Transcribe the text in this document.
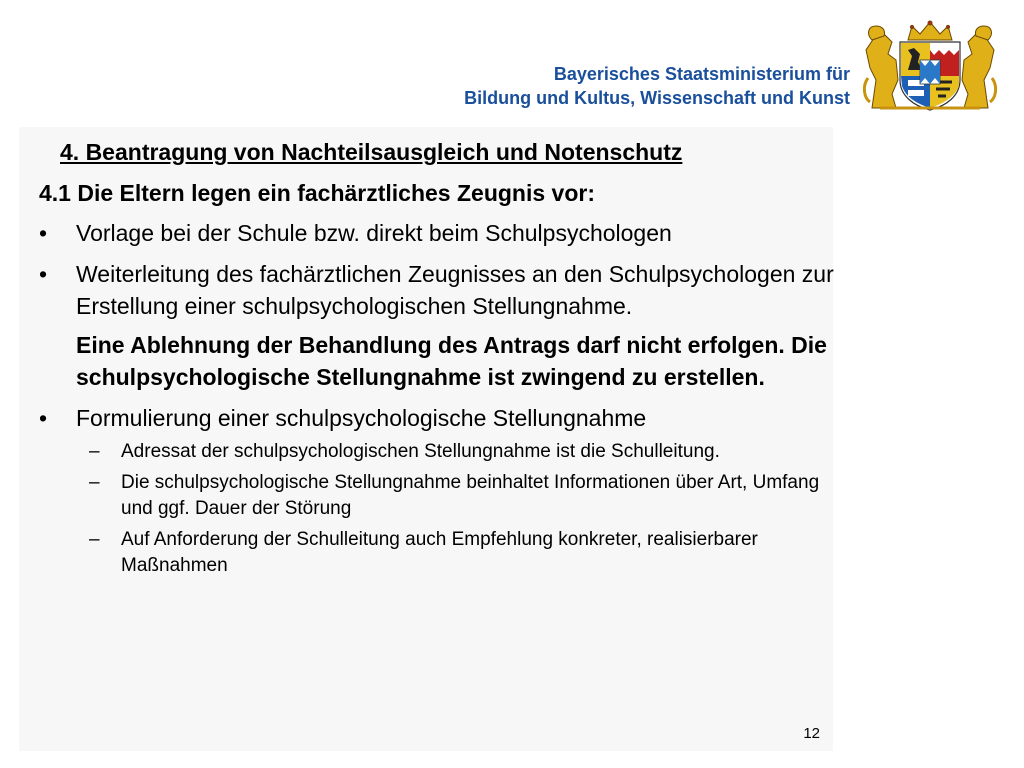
Bayerisches Staatsministerium für
Bildung und Kultus, Wissenschaft und Kunst
4. Beantragung von Nachteilsausgleich und Notenschutz
4.1 Die Eltern legen ein fachärztliches Zeugnis vor:
•	Vorlage bei der Schule bzw. direkt beim Schulpsychologen
•	Weiterleitung des fachärztlichen Zeugnisses an den Schulpsychologen zur Erstellung einer schulpsychologischen Stellungnahme.
Eine Ablehnung der Behandlung des Antrags darf nicht erfolgen. Die schulpsychologische Stellungnahme ist zwingend zu erstellen.
•	Formulierung einer schulpsychologische Stellungnahme
– Adressat der schulpsychologischen Stellungnahme ist die Schulleitung.
– Die schulpsychologische Stellungnahme beinhaltet Informationen über Art, Umfang und ggf. Dauer der Störung
– Auf Anforderung der Schulleitung auch Empfehlung konkreter, realisierbarer Maßnahmen
12
